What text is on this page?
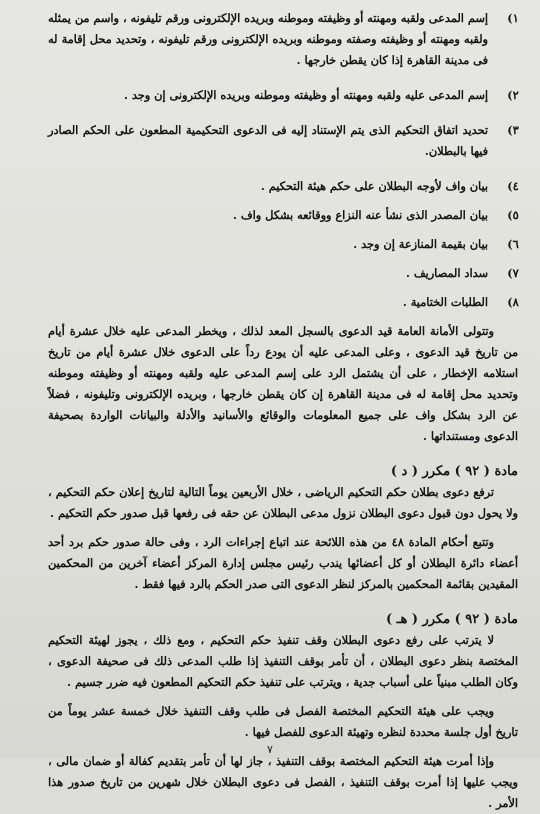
١)
إسم المدعى ولقبه ومهنته أو وظيفته وموطنه وبريده الإلكترونى ورقم تليفونه ، واسم من يمثله ولقبه ومهنته أو وظيفته وصفته وموطنه وبريده الإلكترونى ورقم تليفونه ، وتحديد محل إقامة له فى مدينة القاهرة إذا كان يقطن خارجها .
٢)
إسم المدعى عليه ولقبه ومهنته أو وظيفته وموطنه وبريده الإلكترونى إن وجد .
٣)
تحديد اتفاق التحكيم الذى يتم الإستناد إليه فى الدعوى التحكيمية المطعون على الحكم الصادر فيها بالبطلان.
٤)
بيان واف لأوجه البطلان على حكم هيئة التحكيم .
٥)
بيان المصدر الذى نشأ عنه النزاع ووقائعه بشكل واف .
٦)
بيان بقيمة المنازعة إن وجد .
٧)
سداد المصاريف .
٨)
الطلبات الختامية .

وتتولى الأمانة العامة قيد الدعوى بالسجل المعد لذلك ، ويخطر المدعى عليه خلال عشرة أيام من تاريخ قيد الدعوى ، وعلى المدعى عليه أن يودع رداً على الدعوى خلال عشرة أيام من تاريخ استلامه الإخطار ، على أن يشتمل الرد على إسم المدعى عليه ولقبه ومهنته أو وظيفته وموطنه وتحديد محل إقامة له فى مدينة القاهرة إن كان يقطن خارجها ، وبريده الإلكترونى وتليفونه ، فضلاً عن الرد بشكل واف على جميع المعلومات والوقائع والأسانيد والأدلة والبيانات الواردة بصحيفة الدعوى ومستنداتها .

مادة ( ٩٢ ) مكرر ( د )

ترفع دعوى بطلان حكم التحكيم الرياضى ، خلال الأربعين يوماً التالية لتاريخ إعلان حكم التحكيم ، ولا يحول دون قبول دعوى البطلان نزول مدعى البطلان عن حقه فى رفعها قبل صدور حكم التحكيم .

وتتبع أحكام المادة ٤٨ من هذه اللائحة عند اتباع إجراءات الرد ، وفى حالة صدور حكم برد أحد أعضاء دائرة البطلان أو كل أعضائها يندب رئيس مجلس إدارة المركز أعضاء آخرين من المحكمين المقيدين بقائمة المحكمين بالمركز لنظر الدعوى التى صدر الحكم بالرد فيها فقط .

مادة ( ٩٢ ) مكرر ( هـ )

لا يترتب على رفع دعوى البطلان وقف تنفيذ حكم التحكيم ، ومع ذلك ، يجوز لهيئة التحكيم المختصة بنظر دعوى البطلان ، أن تأمر بوقف التنفيذ إذا طلب المدعى ذلك فى صحيفة الدعوى ، وكان الطلب مبنياً على أسباب جدية ، ويترتب على تنفيذ حكم التحكيم المطعون فيه ضرر جسيم .

ويجب على هيئة التحكيم المختصة الفصل فى طلب وقف التنفيذ خلال خمسة عشر يوماً من تاريخ أول جلسة محددة لنظره وتهيئة الدعوى للفصل فيها .

وإذا أمرت هيئة التحكيم المختصة بوقف التنفيذ ، جاز لها أن تأمر بتقديم كفالة أو ضمان مالى ، ويجب عليها إذا أمرت بوقف التنفيذ ، الفصل فى دعوى البطلان خلال شهرين من تاريخ صدور هذا الأمر .

٧
